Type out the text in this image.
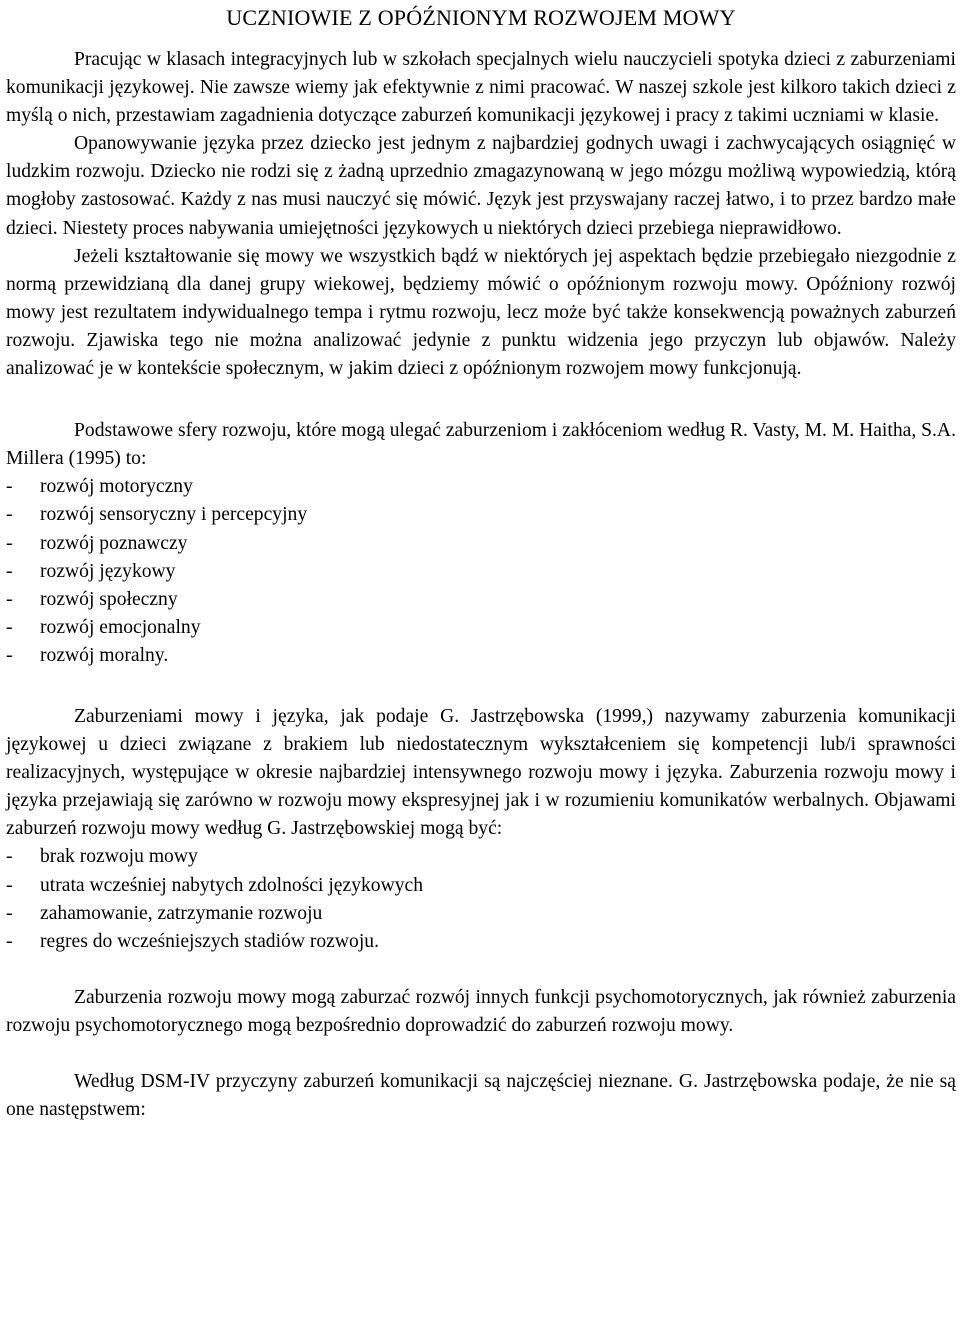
UCZNIOWIE Z OPÓŹNIONYM ROZWOJEM MOWY

Pracując w klasach integracyjnych lub w szkołach specjalnych wielu nauczycieli spotyka dzieci z zaburzeniami komunikacji językowej. Nie zawsze wiemy jak efektywnie z nimi pracować. W naszej szkole jest kilkoro takich dzieci z myślą o nich, przestawiam zagadnienia dotyczące zaburzeń komunikacji językowej i pracy z takimi uczniami w klasie.

Opanowywanie języka przez dziecko jest jednym z najbardziej godnych uwagi i zachwycających osiągnięć w ludzkim rozwoju. Dziecko nie rodzi się z żadną uprzednio zmagazynowaną w jego mózgu możliwą wypowiedzią, którą mogłoby zastosować. Każdy z nas musi nauczyć się mówić. Język jest przyswajany raczej łatwo, i to przez bardzo małe dzieci. Niestety proces nabywania umiejętności językowych u niektórych dzieci przebiega nieprawidłowo.

Jeżeli kształtowanie się mowy we wszystkich bądź w niektórych jej aspektach będzie przebiegało niezgodnie z normą przewidzianą dla danej grupy wiekowej, będziemy mówić o opóźnionym rozwoju mowy. Opóźniony rozwój mowy jest rezultatem indywidualnego tempa i rytmu rozwoju, lecz może być także konsekwencją poważnych zaburzeń rozwoju. Zjawiska tego nie można analizować jedynie z punktu widzenia jego przyczyn lub objawów. Należy analizować je w kontekście społecznym, w jakim dzieci z opóźnionym rozwojem mowy funkcjonują.

Podstawowe sfery rozwoju, które mogą ulegać zaburzeniom i zakłóceniom według R. Vasty, M. M. Haitha, S.A. Millera (1995) to:

- rozwój motoryczny
- rozwój sensoryczny i percepcyjny
- rozwój poznawczy
- rozwój językowy
- rozwój społeczny
- rozwój emocjonalny
- rozwój moralny.

Zaburzeniami mowy i języka, jak podaje G. Jastrzębowska (1999,) nazywamy zaburzenia komunikacji językowej u dzieci związane z brakiem lub niedostatecznym wykształceniem się kompetencji lub/i sprawności realizacyjnych, występujące w okresie najbardziej intensywnego rozwoju mowy i języka. Zaburzenia rozwoju mowy i języka przejawiają się zarówno w rozwoju mowy ekspresyjnej jak i w rozumieniu komunikatów werbalnych. Objawami zaburzeń rozwoju mowy według G. Jastrzębowskiej mogą być:

- brak rozwoju mowy
- utrata wcześniej nabytych zdolności językowych
- zahamowanie, zatrzymanie rozwoju
- regres do wcześniejszych stadiów rozwoju.

Zaburzenia rozwoju mowy mogą zaburzać rozwój innych funkcji psychomotorycznych, jak również zaburzenia rozwoju psychomotorycznego mogą bezpośrednio doprowadzić do zaburzeń rozwoju mowy.

Według DSM-IV przyczyny zaburzeń komunikacji są najczęściej nieznane. G. Jastrzębowska podaje, że nie są one następstwem:
